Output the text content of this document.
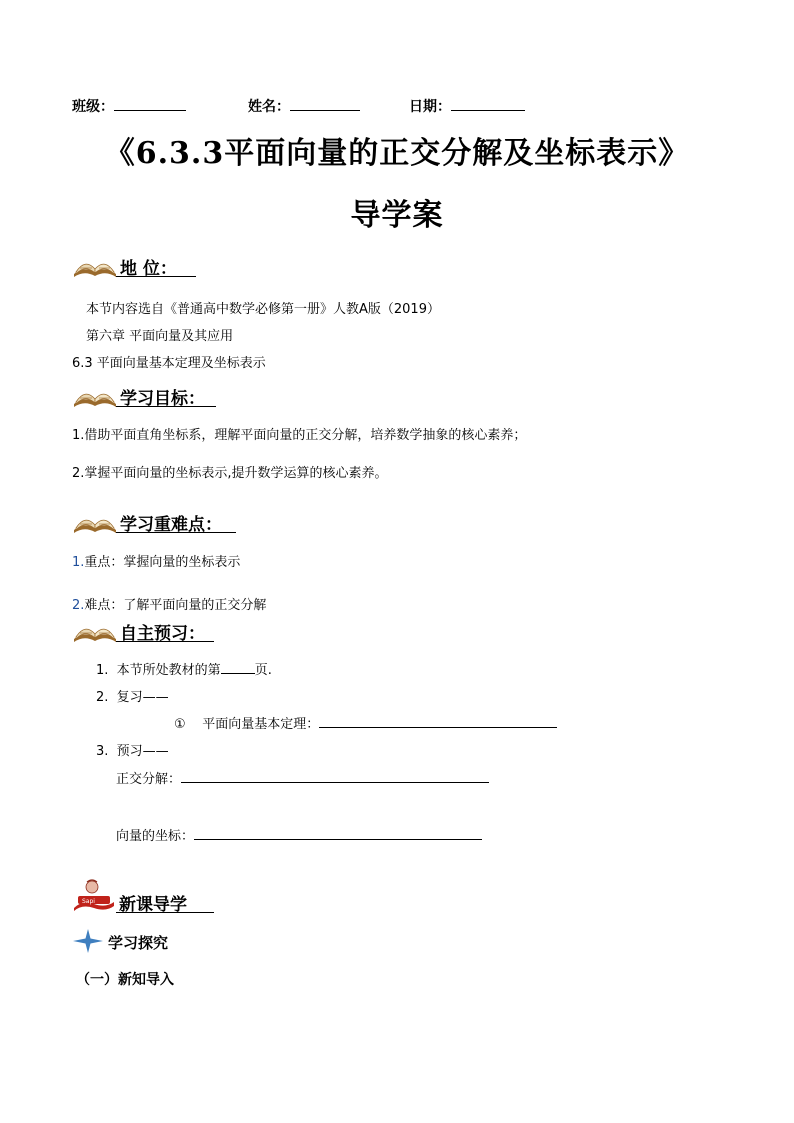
班级：	姓名：	日期：
《6.3.3平面向量的正交分解及坐标表示》
导学案
地 位：
本节内容选自《普通高中数学必修第一册》人教A版（2019）
第六章 平面向量及其应用
6.3 平面向量基本定理及坐标表示
学习目标：
1.借助平面直角坐标系，理解平面向量的正交分解，培养数学抽象的核心素养；
2.掌握平面向量的坐标表示,提升数学运算的核心素养。
学习重难点：
1.重点：掌握向量的坐标表示
2.难点：了解平面向量的正交分解
自主预习：
1. 本节所处教材的第	页.
2. 复习——
① 平面向量基本定理：
3. 预习——
正交分解：
向量的坐标：
Sapi 新课导学
学习探究
（一）新知导入
